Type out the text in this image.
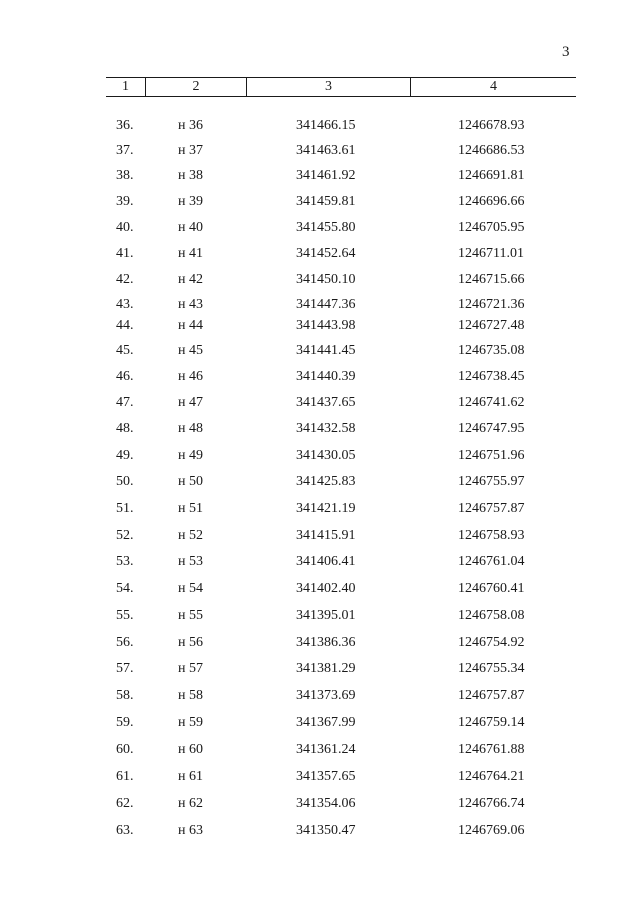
3
1	2	3	4
36.	н 36	341466.15	1246678.93
37.	н 37	341463.61	1246686.53
38.	н 38	341461.92	1246691.81
39.	н 39	341459.81	1246696.66
40.	н 40	341455.80	1246705.95
41.	н 41	341452.64	1246711.01
42.	н 42	341450.10	1246715.66
43.	н 43	341447.36	1246721.36
44.	н 44	341443.98	1246727.48
45.	н 45	341441.45	1246735.08
46.	н 46	341440.39	1246738.45
47.	н 47	341437.65	1246741.62
48.	н 48	341432.58	1246747.95
49.	н 49	341430.05	1246751.96
50.	н 50	341425.83	1246755.97
51.	н 51	341421.19	1246757.87
52.	н 52	341415.91	1246758.93
53.	н 53	341406.41	1246761.04
54.	н 54	341402.40	1246760.41
55.	н 55	341395.01	1246758.08
56.	н 56	341386.36	1246754.92
57.	н 57	341381.29	1246755.34
58.	н 58	341373.69	1246757.87
59.	н 59	341367.99	1246759.14
60.	н 60	341361.24	1246761.88
61.	н 61	341357.65	1246764.21
62.	н 62	341354.06	1246766.74
63.	н 63	341350.47	1246769.06
